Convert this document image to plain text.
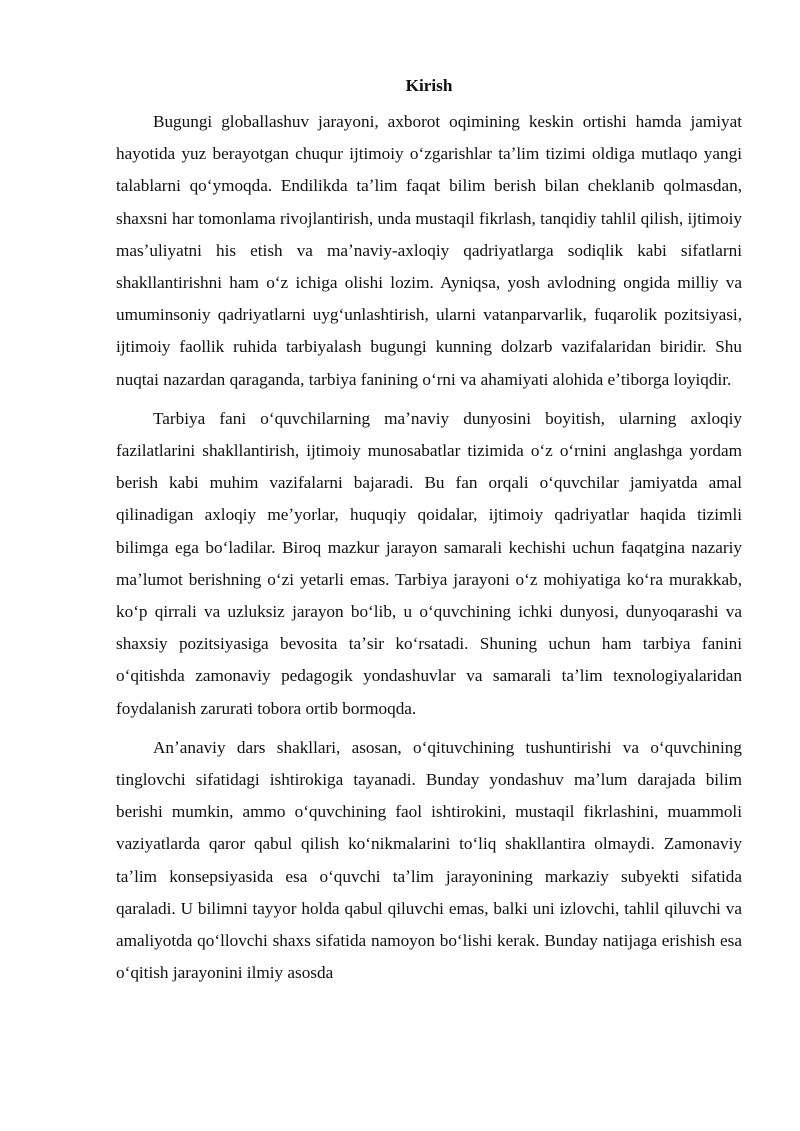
Kirish

Bugungi globallashuv jarayoni, axborot oqimining keskin ortishi hamda jamiyat hayotida yuz berayotgan chuqur ijtimoiy oʻzgarishlar taʼlim tizimi oldiga mutlaqo yangi talablarni qoʻymoqda. Endilikda taʼlim faqat bilim berish bilan cheklanib qolmasdan, shaxsni har tomonlama rivojlantirish, unda mustaqil fikrlash, tanqidiy tahlil qilish, ijtimoiy masʼuliyatni his etish va maʼnaviy-axloqiy qadriyatlarga sodiqlik kabi sifatlarni shakllantirishni ham oʻz ichiga olishi lozim. Ayniqsa, yosh avlodning ongida milliy va umuminsoniy qadriyatlarni uygʻunlashtirish, ularni vatanparvarlik, fuqarolik pozitsiyasi, ijtimoiy faollik ruhida tarbiyalash bugungi kunning dolzarb vazifalaridan biridir. Shu nuqtai nazardan qaraganda, tarbiya fanining oʻrni va ahamiyati alohida eʼtiborga loyiqdir.

Tarbiya fani oʻquvchilarning maʼnaviy dunyosini boyitish, ularning axloqiy fazilatlarini shakllantirish, ijtimoiy munosabatlar tizimida oʻz oʻrnini anglashga yordam berish kabi muhim vazifalarni bajaradi. Bu fan orqali oʻquvchilar jamiyatda amal qilinadigan axloqiy meʼyorlar, huquqiy qoidalar, ijtimoiy qadriyatlar haqida tizimli bilimga ega boʻladilar. Biroq mazkur jarayon samarali kechishi uchun faqatgina nazariy maʼlumot berishning oʻzi yetarli emas. Tarbiya jarayoni oʻz mohiyatiga koʻra murakkab, koʻp qirrali va uzluksiz jarayon boʻlib, u oʻquvchining ichki dunyosi, dunyoqarashi va shaxsiy pozitsiyasiga bevosita taʼsir koʻrsatadi. Shuning uchun ham tarbiya fanini oʻqitishda zamonaviy pedagogik yondashuvlar va samarali taʼlim texnologiyalaridan foydalanish zarurati tobora ortib bormoqda.

Anʼanaviy dars shakllari, asosan, oʻqituvchining tushuntirishi va oʻquvchining tinglovchi sifatidagi ishtirokiga tayanadi. Bunday yondashuv maʼlum darajada bilim berishi mumkin, ammo oʻquvchining faol ishtirokini, mustaqil fikrlashini, muammoli vaziyatlarda qaror qabul qilish koʻnikmalarini toʻliq shakllantira olmaydi. Zamonaviy taʼlim konsepsiyasida esa oʻquvchi taʼlim jarayonining markaziy subyekti sifatida qaraladi. U bilimni tayyor holda qabul qiluvchi emas, balki uni izlovchi, tahlil qiluvchi va amaliyotda qoʻllovchi shaxs sifatida namoyon boʻlishi kerak. Bunday natijaga erishish esa oʻqitish jarayonini ilmiy asosda
